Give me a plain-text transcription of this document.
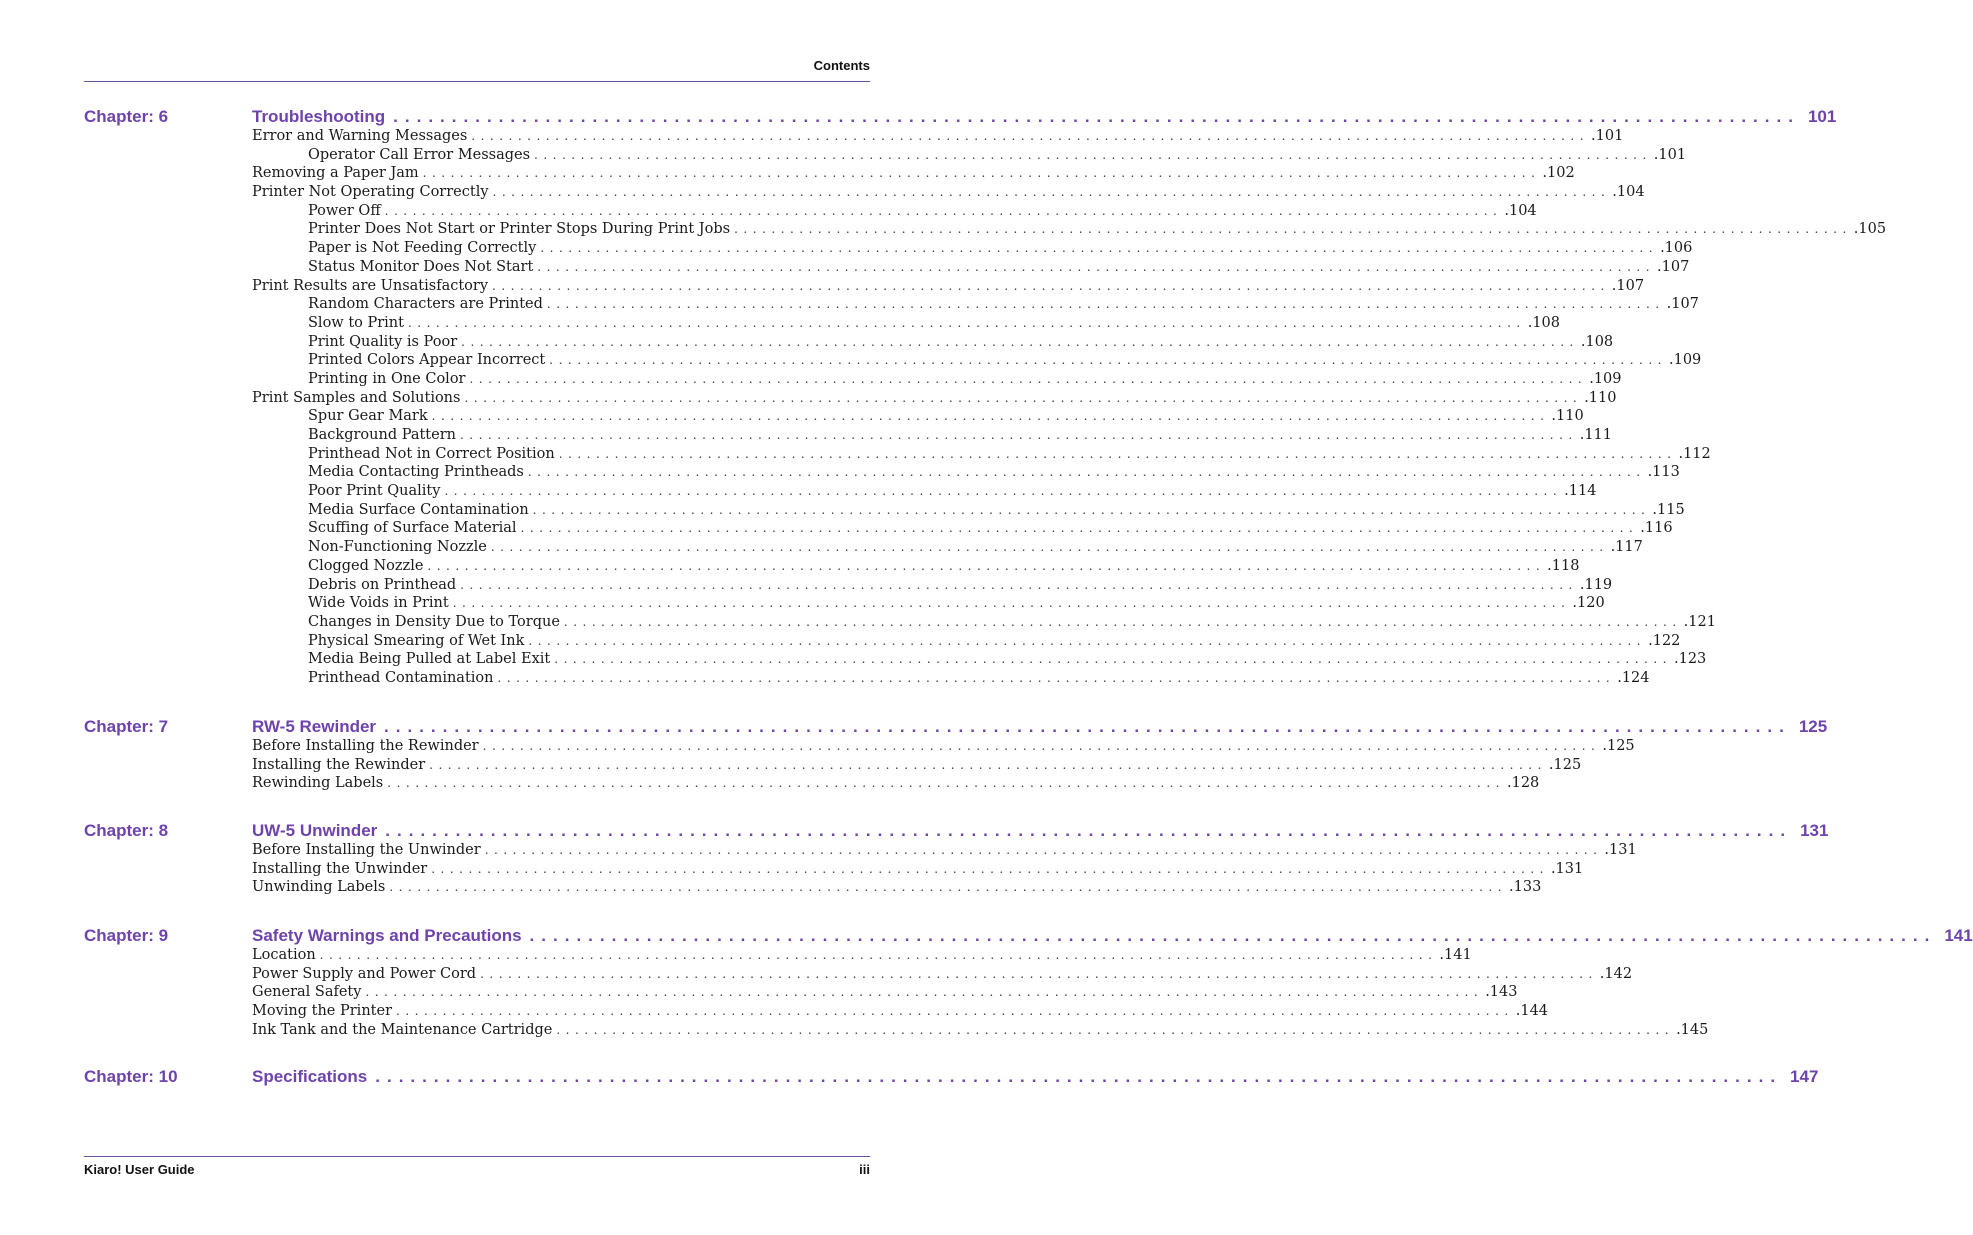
Contents
Chapter: 6	Troubleshooting ........................................................................................................................ 101
Error and Warning Messages ........................................................................................................................ .101
Operator Call Error Messages ........................................................................................................................ .101
Removing a Paper Jam ........................................................................................................................ .102
Printer Not Operating Correctly ........................................................................................................................ .104
Power Off ........................................................................................................................ .104
Printer Does Not Start or Printer Stops During Print Jobs ........................................................................................................................ .105
Paper is Not Feeding Correctly ........................................................................................................................ .106
Status Monitor Does Not Start ........................................................................................................................ .107
Print Results are Unsatisfactory ........................................................................................................................ .107
Random Characters are Printed ........................................................................................................................ .107
Slow to Print ........................................................................................................................ .108
Print Quality is Poor ........................................................................................................................ .108
Printed Colors Appear Incorrect ........................................................................................................................ .109
Printing in One Color ........................................................................................................................ .109
Print Samples and Solutions ........................................................................................................................ .110
Spur Gear Mark ........................................................................................................................ .110
Background Pattern ........................................................................................................................ .111
Printhead Not in Correct Position ........................................................................................................................ .112
Media Contacting Printheads ........................................................................................................................ .113
Poor Print Quality ........................................................................................................................ .114
Media Surface Contamination ........................................................................................................................ .115
Scuffing of Surface Material ........................................................................................................................ .116
Non-Functioning Nozzle ........................................................................................................................ .117
Clogged Nozzle ........................................................................................................................ .118
Debris on Printhead ........................................................................................................................ .119
Wide Voids in Print ........................................................................................................................ .120
Changes in Density Due to Torque ........................................................................................................................ .121
Physical Smearing of Wet Ink ........................................................................................................................ .122
Media Being Pulled at Label Exit ........................................................................................................................ .123
Printhead Contamination ........................................................................................................................ .124
Chapter: 7	RW-5 Rewinder ........................................................................................................................ 125
Before Installing the Rewinder ........................................................................................................................ .125
Installing the Rewinder ........................................................................................................................ .125
Rewinding Labels ........................................................................................................................ .128
Chapter: 8	UW-5 Unwinder ........................................................................................................................ 131
Before Installing the Unwinder ........................................................................................................................ .131
Installing the Unwinder ........................................................................................................................ .131
Unwinding Labels ........................................................................................................................ .133
Chapter: 9	Safety Warnings and Precautions ........................................................................................................................ 141
Location ........................................................................................................................ .141
Power Supply and Power Cord ........................................................................................................................ .142
General Safety ........................................................................................................................ .143
Moving the Printer ........................................................................................................................ .144
Ink Tank and the Maintenance Cartridge ........................................................................................................................ .145
Chapter: 10	Specifications ........................................................................................................................ 147
Kiaro! User Guide	iii
